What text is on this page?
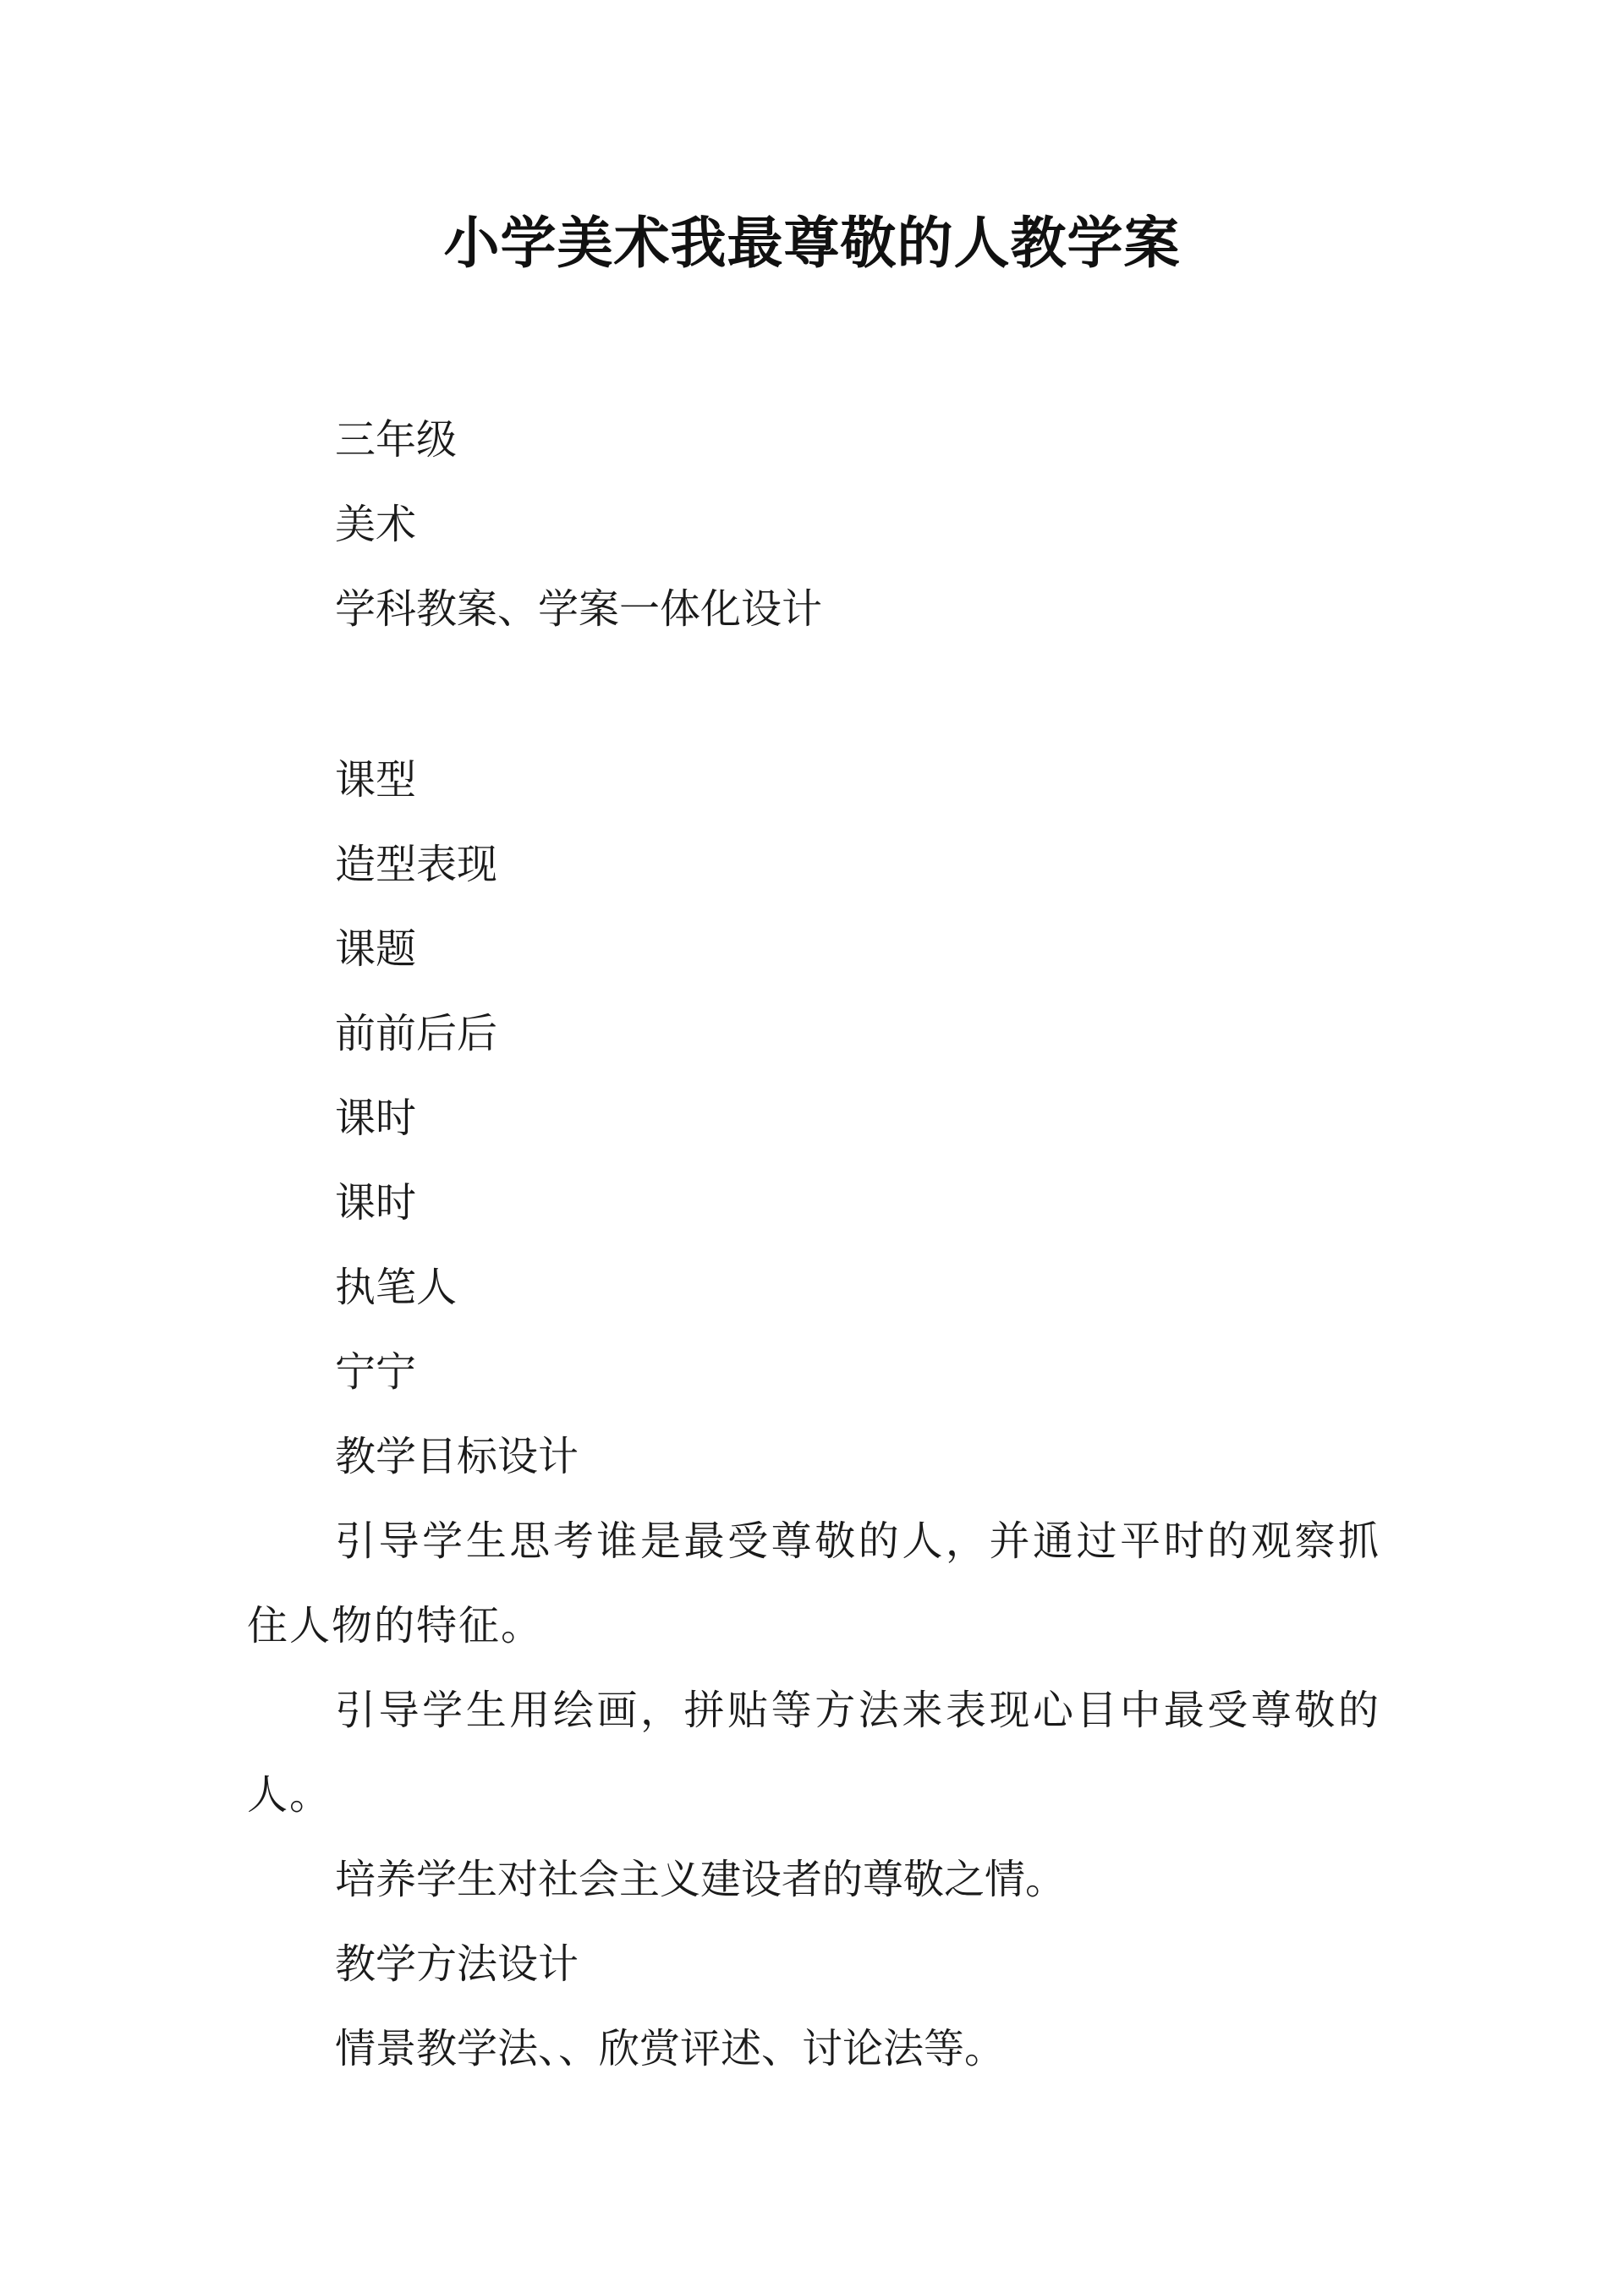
小学美术我最尊敬的人教学案
三年级
美术
学科教案、学案一体化设计
课型
造型表现
课题
前前后后
课时
课时
执笔人
宁宁
教学目标设计
引导学生思考谁是最受尊敬的人，并通过平时的观察抓住人物的特征。
引导学生用绘画，拼贴等方法来表现心目中最受尊敬的人。
培养学生对社会主义建设者的尊敬之情。
教学方法设计
情景教学法、、欣赏评述、讨论法等。
